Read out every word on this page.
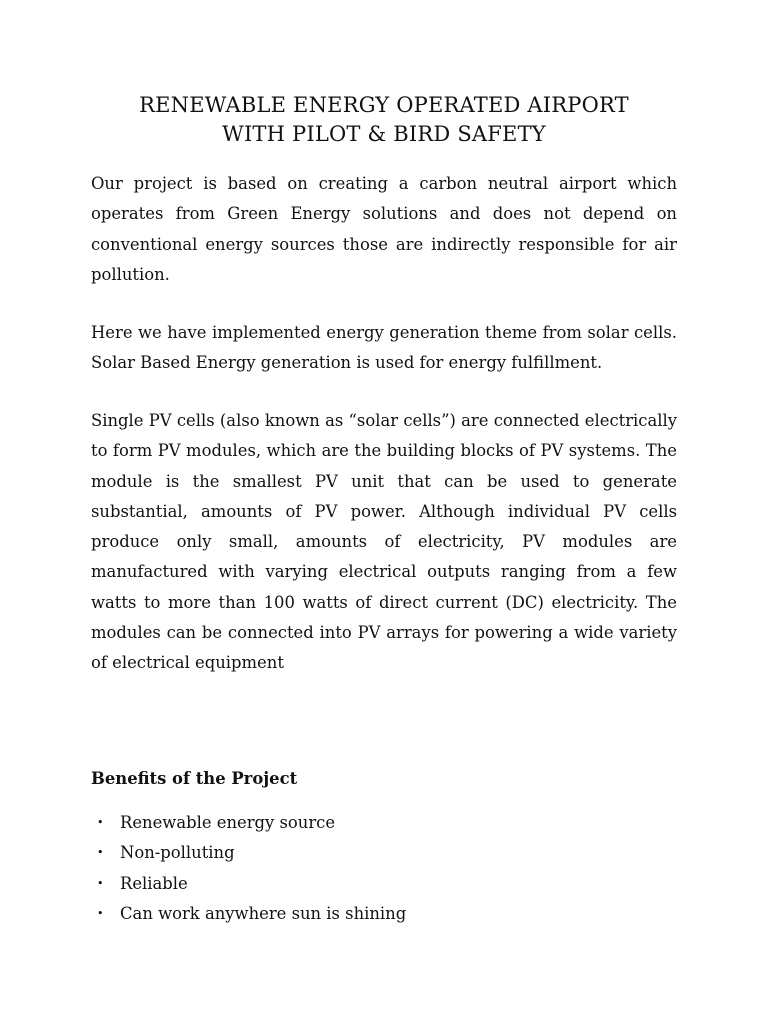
RENEWABLE ENERGY OPERATED AIRPORT
WITH PILOT & BIRD SAFETY

Our project is based on creating a carbon neutral airport which operates from Green Energy solutions and does not depend on conventional energy sources those are indirectly responsible for air pollution.

Here we have implemented energy generation theme from solar cells. Solar Based Energy generation is used for energy fulfillment.

Single PV cells (also known as “solar cells”) are connected electrically to form PV modules, which are the building blocks of PV systems. The module is the smallest PV unit that can be used to generate substantial, amounts of PV power. Although individual PV cells produce only small, amounts of electricity, PV modules are manufactured with varying electrical outputs ranging from a few watts to more than 100 watts of direct current (DC) electricity. The modules can be connected into PV arrays for powering a wide variety of electrical equipment

Benefits of the Project
• Renewable energy source
• Non-polluting
• Reliable
• Can work anywhere sun is shining
